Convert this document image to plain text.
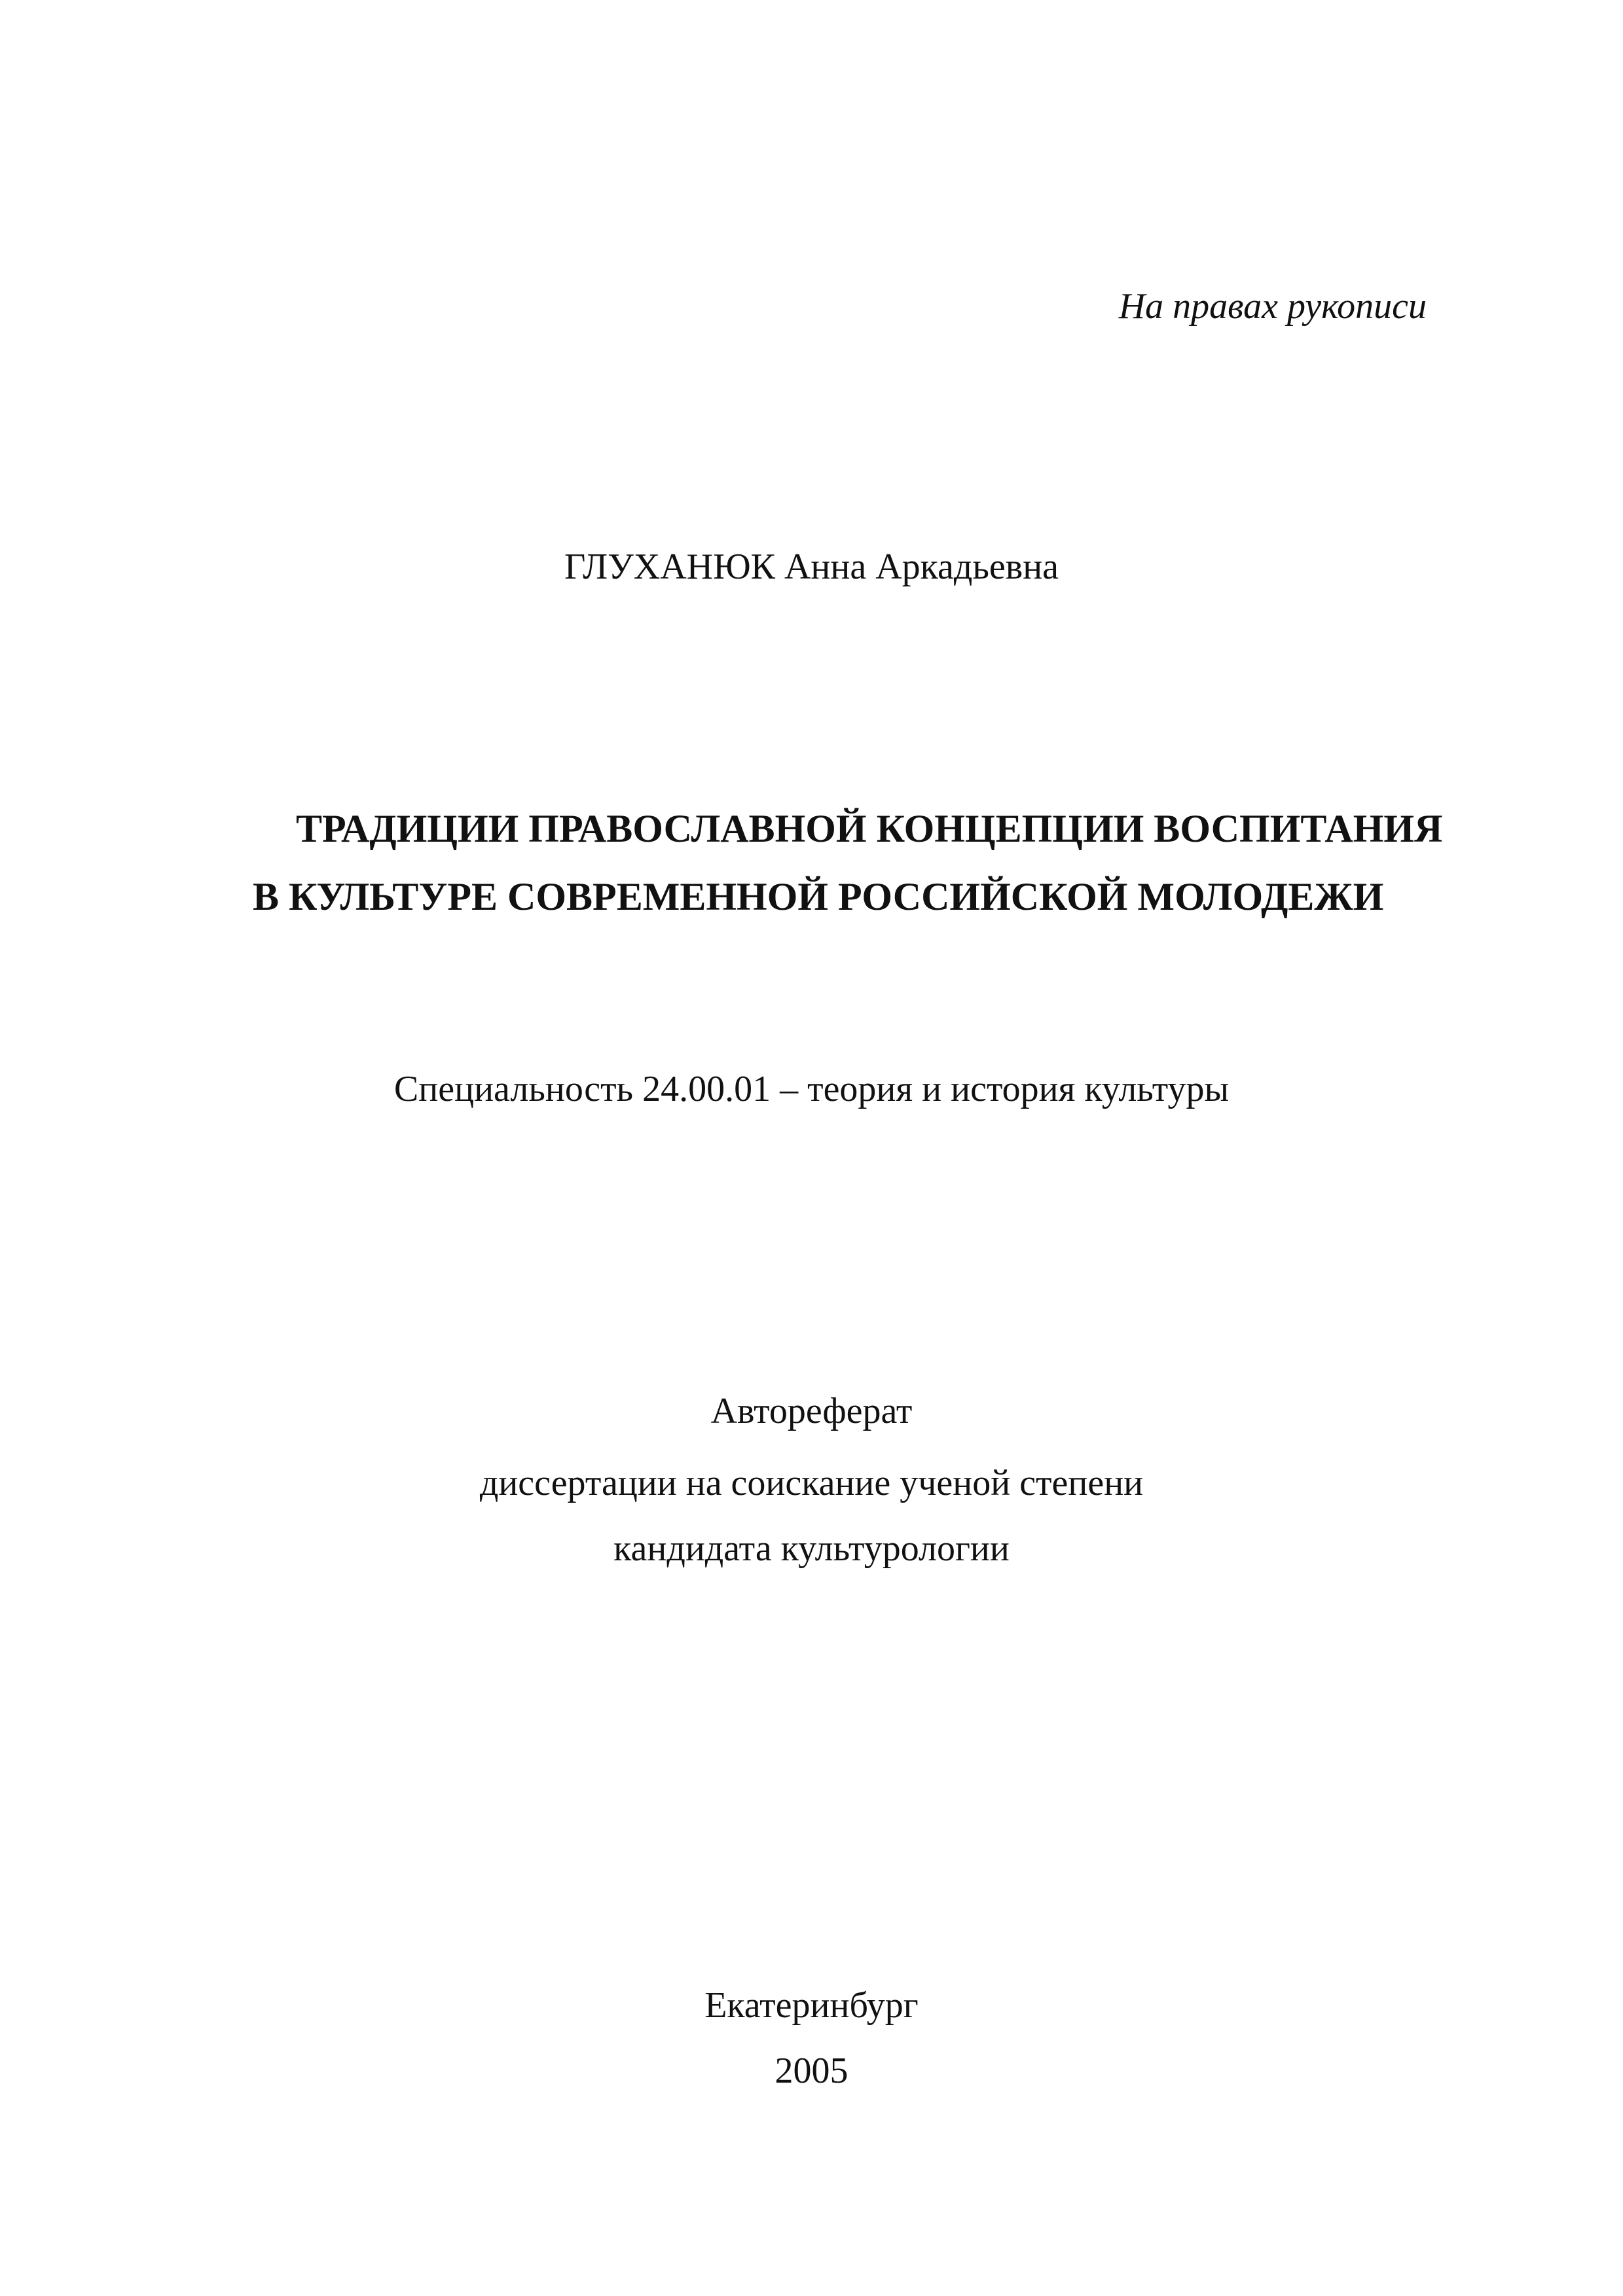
На правах рукописи

ГЛУХАНЮК Анна Аркадьевна

ТРАДИЦИИ ПРАВОСЛАВНОЙ КОНЦЕПЦИИ ВОСПИТАНИЯ
В КУЛЬТУРЕ СОВРЕМЕННОЙ РОССИЙСКОЙ МОЛОДЕЖИ

Специальность 24.00.01 – теория и история культуры

Автореферат

диссертации на соискание ученой степени

кандидата культурологии

Екатеринбург

2005
